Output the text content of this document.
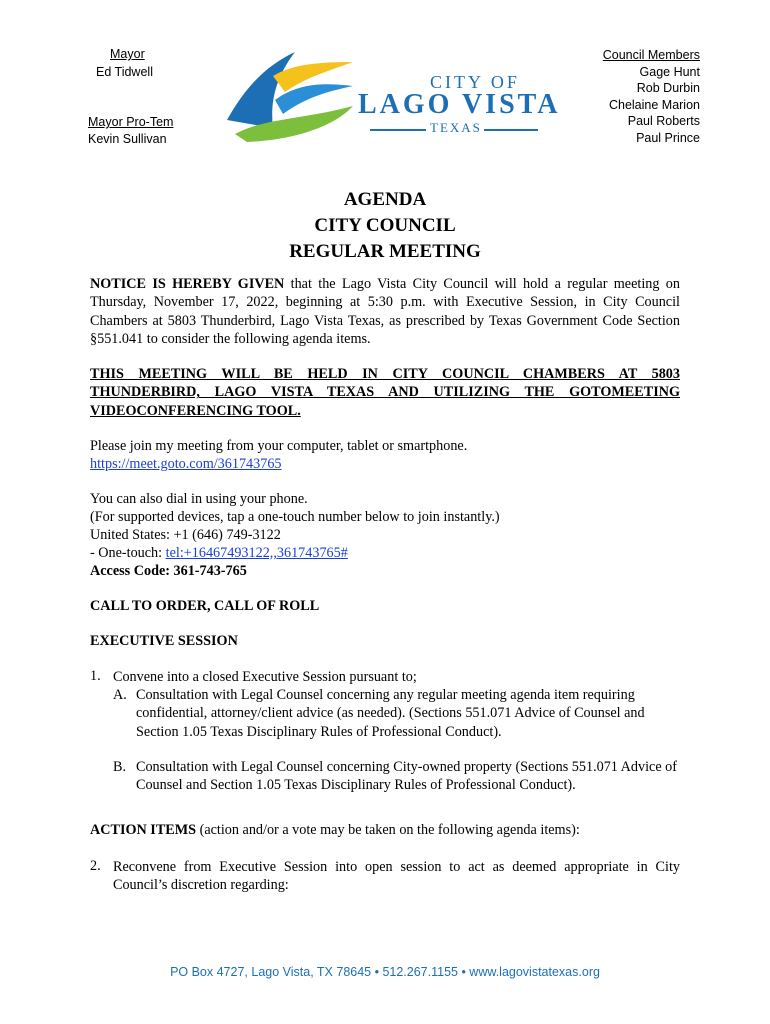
Mayor
Ed Tidwell
Mayor Pro-Tem
Kevin Sullivan
Council Members
Gage Hunt
Rob Durbin
Chelaine Marion
Paul Roberts
Paul Prince
CITY OF
LAGO VISTA
TEXAS
AGENDA
CITY COUNCIL
REGULAR MEETING
NOTICE IS HEREBY GIVEN that the Lago Vista City Council will hold a regular meeting on Thursday, November 17, 2022, beginning at 5:30 p.m. with Executive Session, in City Council Chambers at 5803 Thunderbird, Lago Vista Texas, as prescribed by Texas Government Code Section §551.041 to consider the following agenda items.
THIS MEETING WILL BE HELD IN CITY COUNCIL CHAMBERS AT 5803 THUNDERBIRD, LAGO VISTA TEXAS AND UTILIZING THE GOTOMEETING VIDEOCONFERENCING TOOL.
Please join my meeting from your computer, tablet or smartphone.
https://meet.goto.com/361743765
You can also dial in using your phone.
(For supported devices, tap a one-touch number below to join instantly.)
United States: +1 (646) 749-3122
- One-touch: tel:+16467493122,,361743765#
Access Code: 361-743-765
CALL TO ORDER, CALL OF ROLL
EXECUTIVE SESSION
1. Convene into a closed Executive Session pursuant to;
A. Consultation with Legal Counsel concerning any regular meeting agenda item requiring confidential, attorney/client advice (as needed). (Sections 551.071 Advice of Counsel and Section 1.05 Texas Disciplinary Rules of Professional Conduct).
B. Consultation with Legal Counsel concerning City-owned property (Sections 551.071 Advice of Counsel and Section 1.05 Texas Disciplinary Rules of Professional Conduct).
ACTION ITEMS (action and/or a vote may be taken on the following agenda items):
2. Reconvene from Executive Session into open session to act as deemed appropriate in City Council’s discretion regarding:
PO Box 4727, Lago Vista, TX 78645 • 512.267.1155 • www.lagovistatexas.org
